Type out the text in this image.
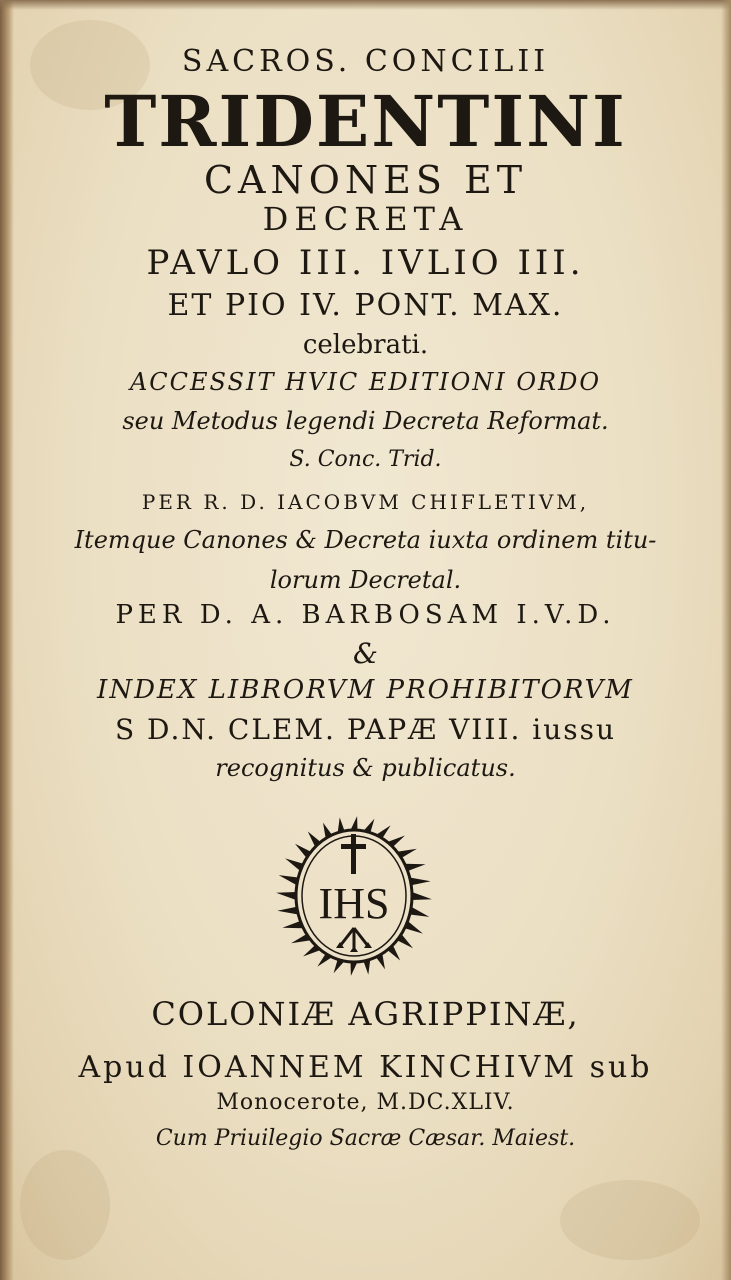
SACROS. CONCILII
TRIDENTINI
CANONES ET
DECRETA
PAVLO III. IVLIO III.
ET PIO IV. PONT. MAX.
celebrati.
ACCESSIT HVIC EDITIONI ORDO
seu Metodus legendi Decreta Reformat.
S. Conc. Trid.
PER R. D. IACOBVM CHIFLETIVM,
Itemque Canones & Decreta iuxta ordinem titu-
lorum Decretal.
PER D. A. BARBOSAM I.V.D.
&
INDEX LIBRORVM PROHIBITORVM
S D.N. CLEM. PAPÆ VIII. iussu
recognitus & publicatus.
IHS
COLONIÆ AGRIPPINÆ,
Apud IOANNEM KINCHIVM sub
Monocerote, M.DC.XLIV.
Cum Priuilegio Sacræ Cæsar. Maiest.
